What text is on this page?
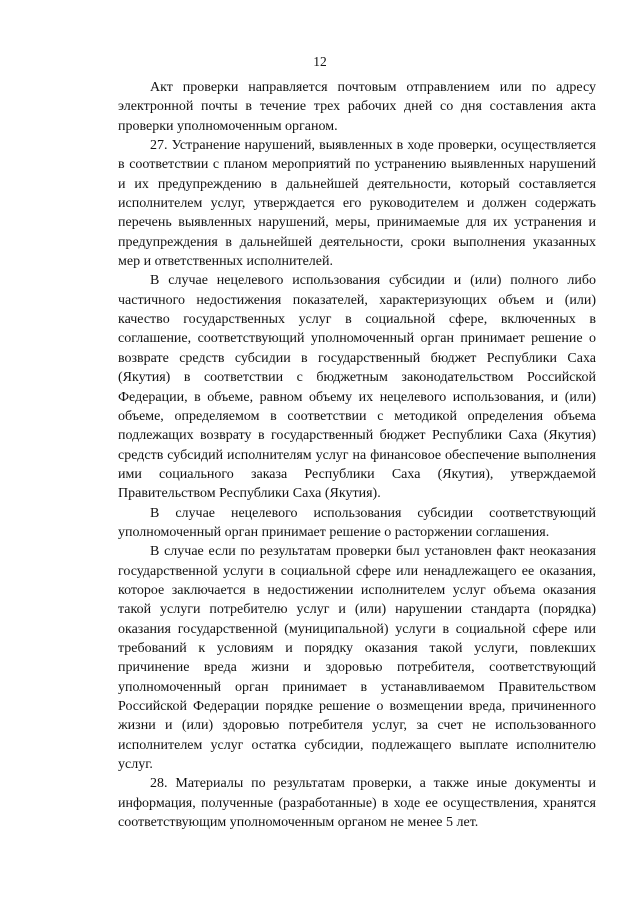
12

Акт проверки направляется почтовым отправлением или по адресу электронной почты в течение трех рабочих дней со дня составления акта проверки уполномоченным органом.

27. Устранение нарушений, выявленных в ходе проверки, осуществляется в соответствии с планом мероприятий по устранению выявленных нарушений и их предупреждению в дальнейшей деятельности, который составляется исполнителем услуг, утверждается его руководителем и должен содержать перечень выявленных нарушений, меры, принимаемые для их устранения и предупреждения в дальнейшей деятельности, сроки выполнения указанных мер и ответственных исполнителей.

В случае нецелевого использования субсидии и (или) полного либо частичного недостижения показателей, характеризующих объем и (или) качество государственных услуг в социальной сфере, включенных в соглашение, соответствующий уполномоченный орган принимает решение о возврате средств субсидии в государственный бюджет Республики Саха (Якутия) в соответствии с бюджетным законодательством Российской Федерации, в объеме, равном объему их нецелевого использования, и (или) объеме, определяемом в соответствии с методикой определения объема подлежащих возврату в государственный бюджет Республики Саха (Якутия) средств субсидий исполнителям услуг на финансовое обеспечение выполнения ими социального заказа Республики Саха (Якутия), утверждаемой Правительством Республики Саха (Якутия).

В случае нецелевого использования субсидии соответствующий уполномоченный орган принимает решение о расторжении соглашения.

В случае если по результатам проверки был установлен факт неоказания государственной услуги в социальной сфере или ненадлежащего ее оказания, которое заключается в недостижении исполнителем услуг объема оказания такой услуги потребителю услуг и (или) нарушении стандарта (порядка) оказания государственной (муниципальной) услуги в социальной сфере или требований к условиям и порядку оказания такой услуги, повлекших причинение вреда жизни и здоровью потребителя, соответствующий уполномоченный орган принимает в устанавливаемом Правительством Российской Федерации порядке решение о возмещении вреда, причиненного жизни и (или) здоровью потребителя услуг, за счет не использованного исполнителем услуг остатка субсидии, подлежащего выплате исполнителю услуг.

28. Материалы по результатам проверки, а также иные документы и информация, полученные (разработанные) в ходе ее осуществления, хранятся соответствующим уполномоченным органом не менее 5 лет.
